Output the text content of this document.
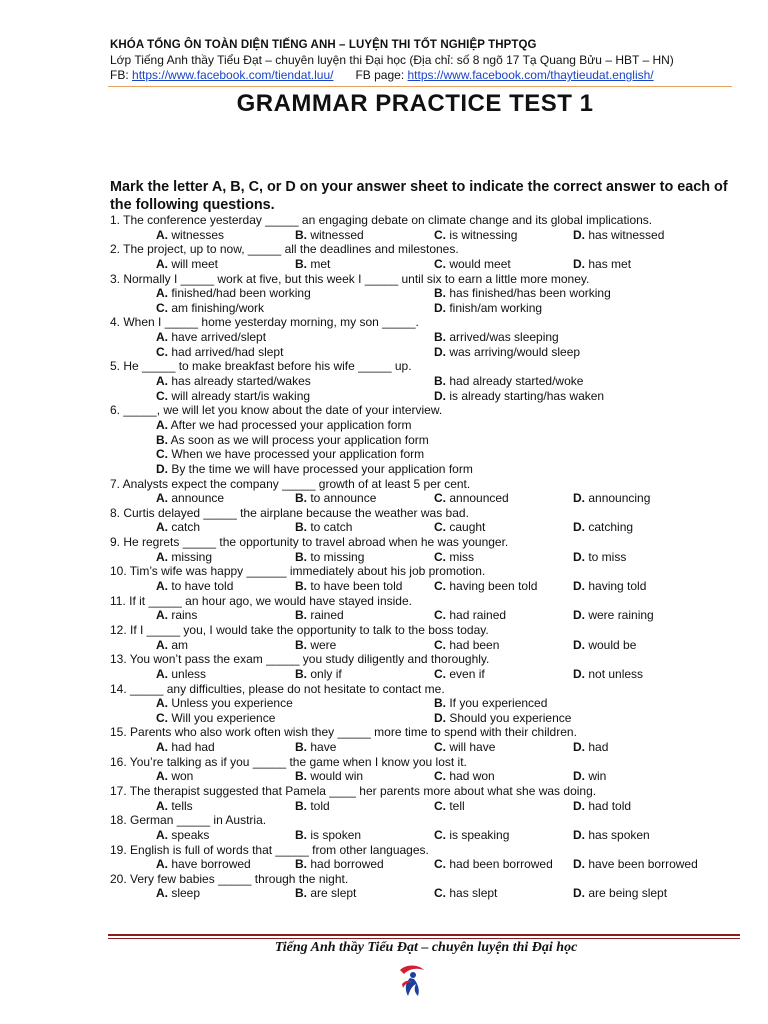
KHÓA TỔNG ÔN TOÀN DIỆN TIẾNG ANH – LUYỆN THI TỐT NGHIỆP THPTQG
Lớp Tiếng Anh thầy Tiểu Đạt – chuyên luyện thi Đại học (Địa chỉ: số 8 ngõ 17 Tạ Quang Bửu – HBT – HN)
FB: https://www.facebook.com/tiendat.luu/ FB page: https://www.facebook.com/thaytieudat.english/
GRAMMAR PRACTICE TEST 1
Mark the letter A, B, C, or D on your answer sheet to indicate the correct answer to each of the following questions.
1. The conference yesterday _____ an engaging debate on climate change and its global implications.
A. witnesses	B. witnessed	C. is witnessing	D. has witnessed
2. The project, up to now, _____ all the deadlines and milestones.
A. will meet	B. met	C. would meet	D. has met
3. Normally I _____ work at five, but this week I _____ until six to earn a little more money.
A. finished/had been working	B. has finished/has been working
C. am finishing/work	D. finish/am working
4. When I _____ home yesterday morning, my son _____.
A. have arrived/slept	B. arrived/was sleeping
C. had arrived/had slept	D. was arriving/would sleep
5. He _____ to make breakfast before his wife _____ up.
A. has already started/wakes	B. had already started/woke
C. will already start/is waking	D. is already starting/has waken
6. _____, we will let you know about the date of your interview.
A. After we had processed your application form
B. As soon as we will process your application form
C. When we have processed your application form
D. By the time we will have processed your application form
7. Analysts expect the company _____ growth of at least 5 per cent.
A. announce	B. to announce	C. announced	D. announcing
8. Curtis delayed _____ the airplane because the weather was bad.
A. catch	B. to catch	C. caught	D. catching
9. He regrets _____ the opportunity to travel abroad when he was younger.
A. missing	B. to missing	C. miss	D. to miss
10. Tim’s wife was happy ______ immediately about his job promotion.
A. to have told	B. to have been told	C. having been told	D. having told
11. If it _____ an hour ago, we would have stayed inside.
A. rains	B. rained	C. had rained	D. were raining
12. If I _____ you, I would take the opportunity to talk to the boss today.
A. am	B. were	C. had been	D. would be
13. You won’t pass the exam _____ you study diligently and thoroughly.
A. unless	B. only if	C. even if	D. not unless
14. _____ any difficulties, please do not hesitate to contact me.
A. Unless you experience	B. If you experienced
C. Will you experience	D. Should you experience
15. Parents who also work often wish they _____ more time to spend with their children.
A. had had	B. have	C. will have	D. had
16. You’re talking as if you _____ the game when I know you lost it.
A. won	B. would win	C. had won	D. win
17. The therapist suggested that Pamela ____ her parents more about what she was doing.
A. tells	B. told	C. tell	D. had told
18. German _____ in Austria.
A. speaks	B. is spoken	C. is speaking	D. has spoken
19. English is full of words that _____ from other languages.
A. have borrowed	B. had borrowed	C. had been borrowed D. have been borrowed
20. Very few babies _____ through the night.
A. sleep	B. are slept	C. has slept	D. are being slept
Tiếng Anh thầy Tiểu Đạt – chuyên luyện thi Đại học
